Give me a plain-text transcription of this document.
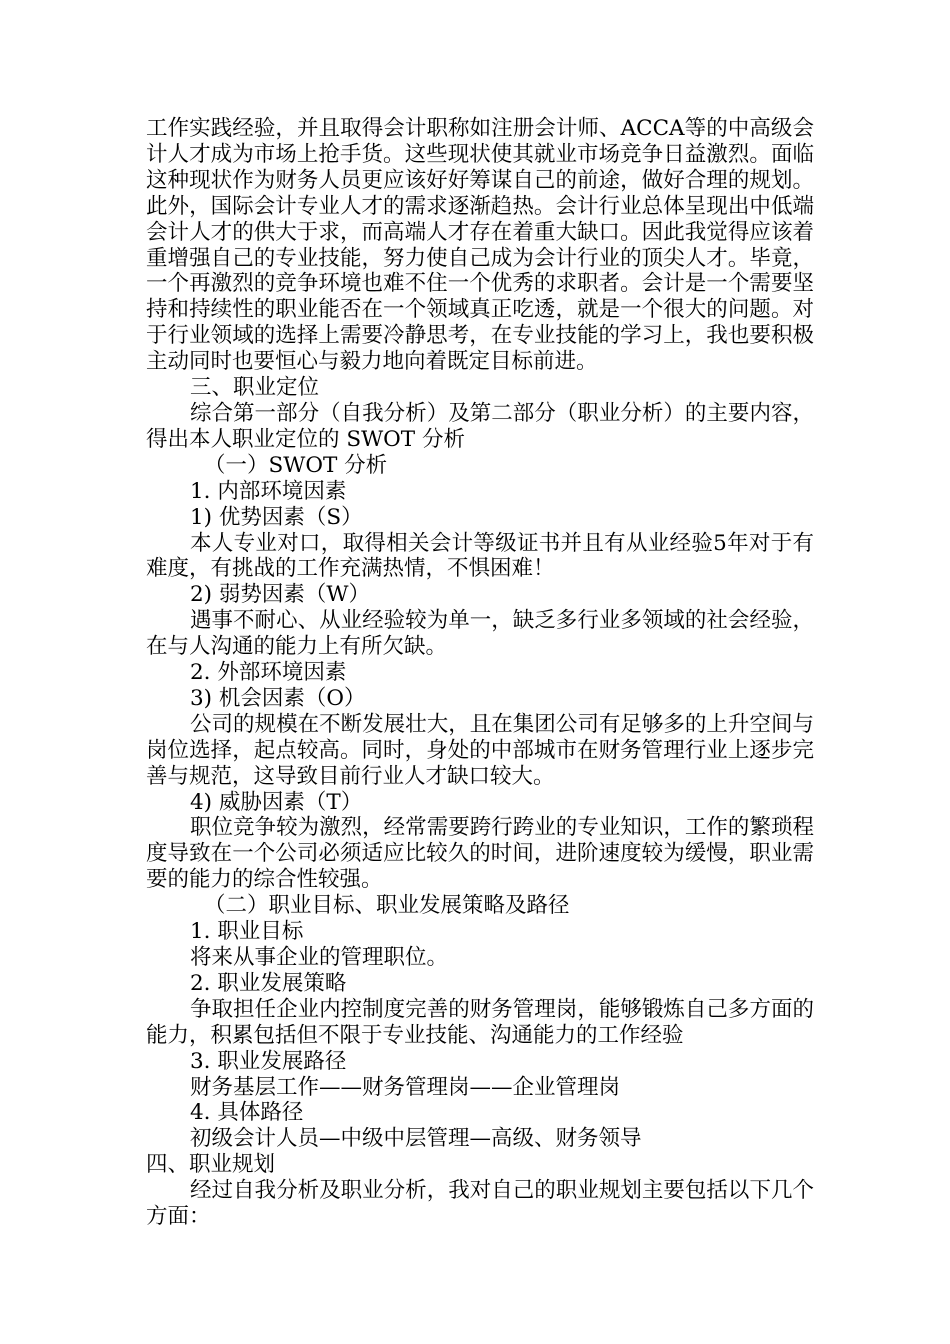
工作实践经验，并且取得会计职称如注册会计师、ACCA等的中高级会计人才成为市场上抢手货。这些现状使其就业市场竞争日益激烈。面临这种现状作为财务人员更应该好好筹谋自己的前途，做好合理的规划。此外，国际会计专业人才的需求逐渐趋热。会计行业总体呈现出中低端会计人才的供大于求，而高端人才存在着重大缺口。因此我觉得应该着重增强自己的专业技能，努力使自己成为会计行业的顶尖人才。毕竟，一个再激烈的竞争环境也难不住一个优秀的求职者。会计是一个需要坚持和持续性的职业能否在一个领域真正吃透，就是一个很大的问题。对于行业领域的选择上需要冷静思考，在专业技能的学习上，我也要积极主动同时也要恒心与毅力地向着既定目标前进。

三、职业定位

综合第一部分（自我分析）及第二部分（职业分析）的主要内容，得出本人职业定位的 SWOT 分析

（一）SWOT 分析

1. 内部环境因素

1) 优势因素（S）

本人专业对口，取得相关会计等级证书并且有从业经验5年对于有难度，有挑战的工作充满热情，不惧困难！

2) 弱势因素（W）

遇事不耐心、从业经验较为单一，缺乏多行业多领域的社会经验，在与人沟通的能力上有所欠缺。

2. 外部环境因素

3) 机会因素（O）

公司的规模在不断发展壮大，且在集团公司有足够多的上升空间与岗位选择，起点较高。同时，身处的中部城市在财务管理行业上逐步完善与规范，这导致目前行业人才缺口较大。

4) 威胁因素（T）

职位竞争较为激烈，经常需要跨行跨业的专业知识，工作的繁琐程度导致在一个公司必须适应比较久的时间，进阶速度较为缓慢，职业需要的能力的综合性较强。

（二）职业目标、职业发展策略及路径

1. 职业目标

将来从事企业的管理职位。

2. 职业发展策略

争取担任企业内控制度完善的财务管理岗，能够锻炼自己多方面的能力，积累包括但不限于专业技能、沟通能力的工作经验

3. 职业发展路径

财务基层工作——财务管理岗——企业管理岗

4. 具体路径

初级会计人员—中级中层管理—高级、财务领导

四、职业规划

经过自我分析及职业分析，我对自己的职业规划主要包括以下几个方面：
